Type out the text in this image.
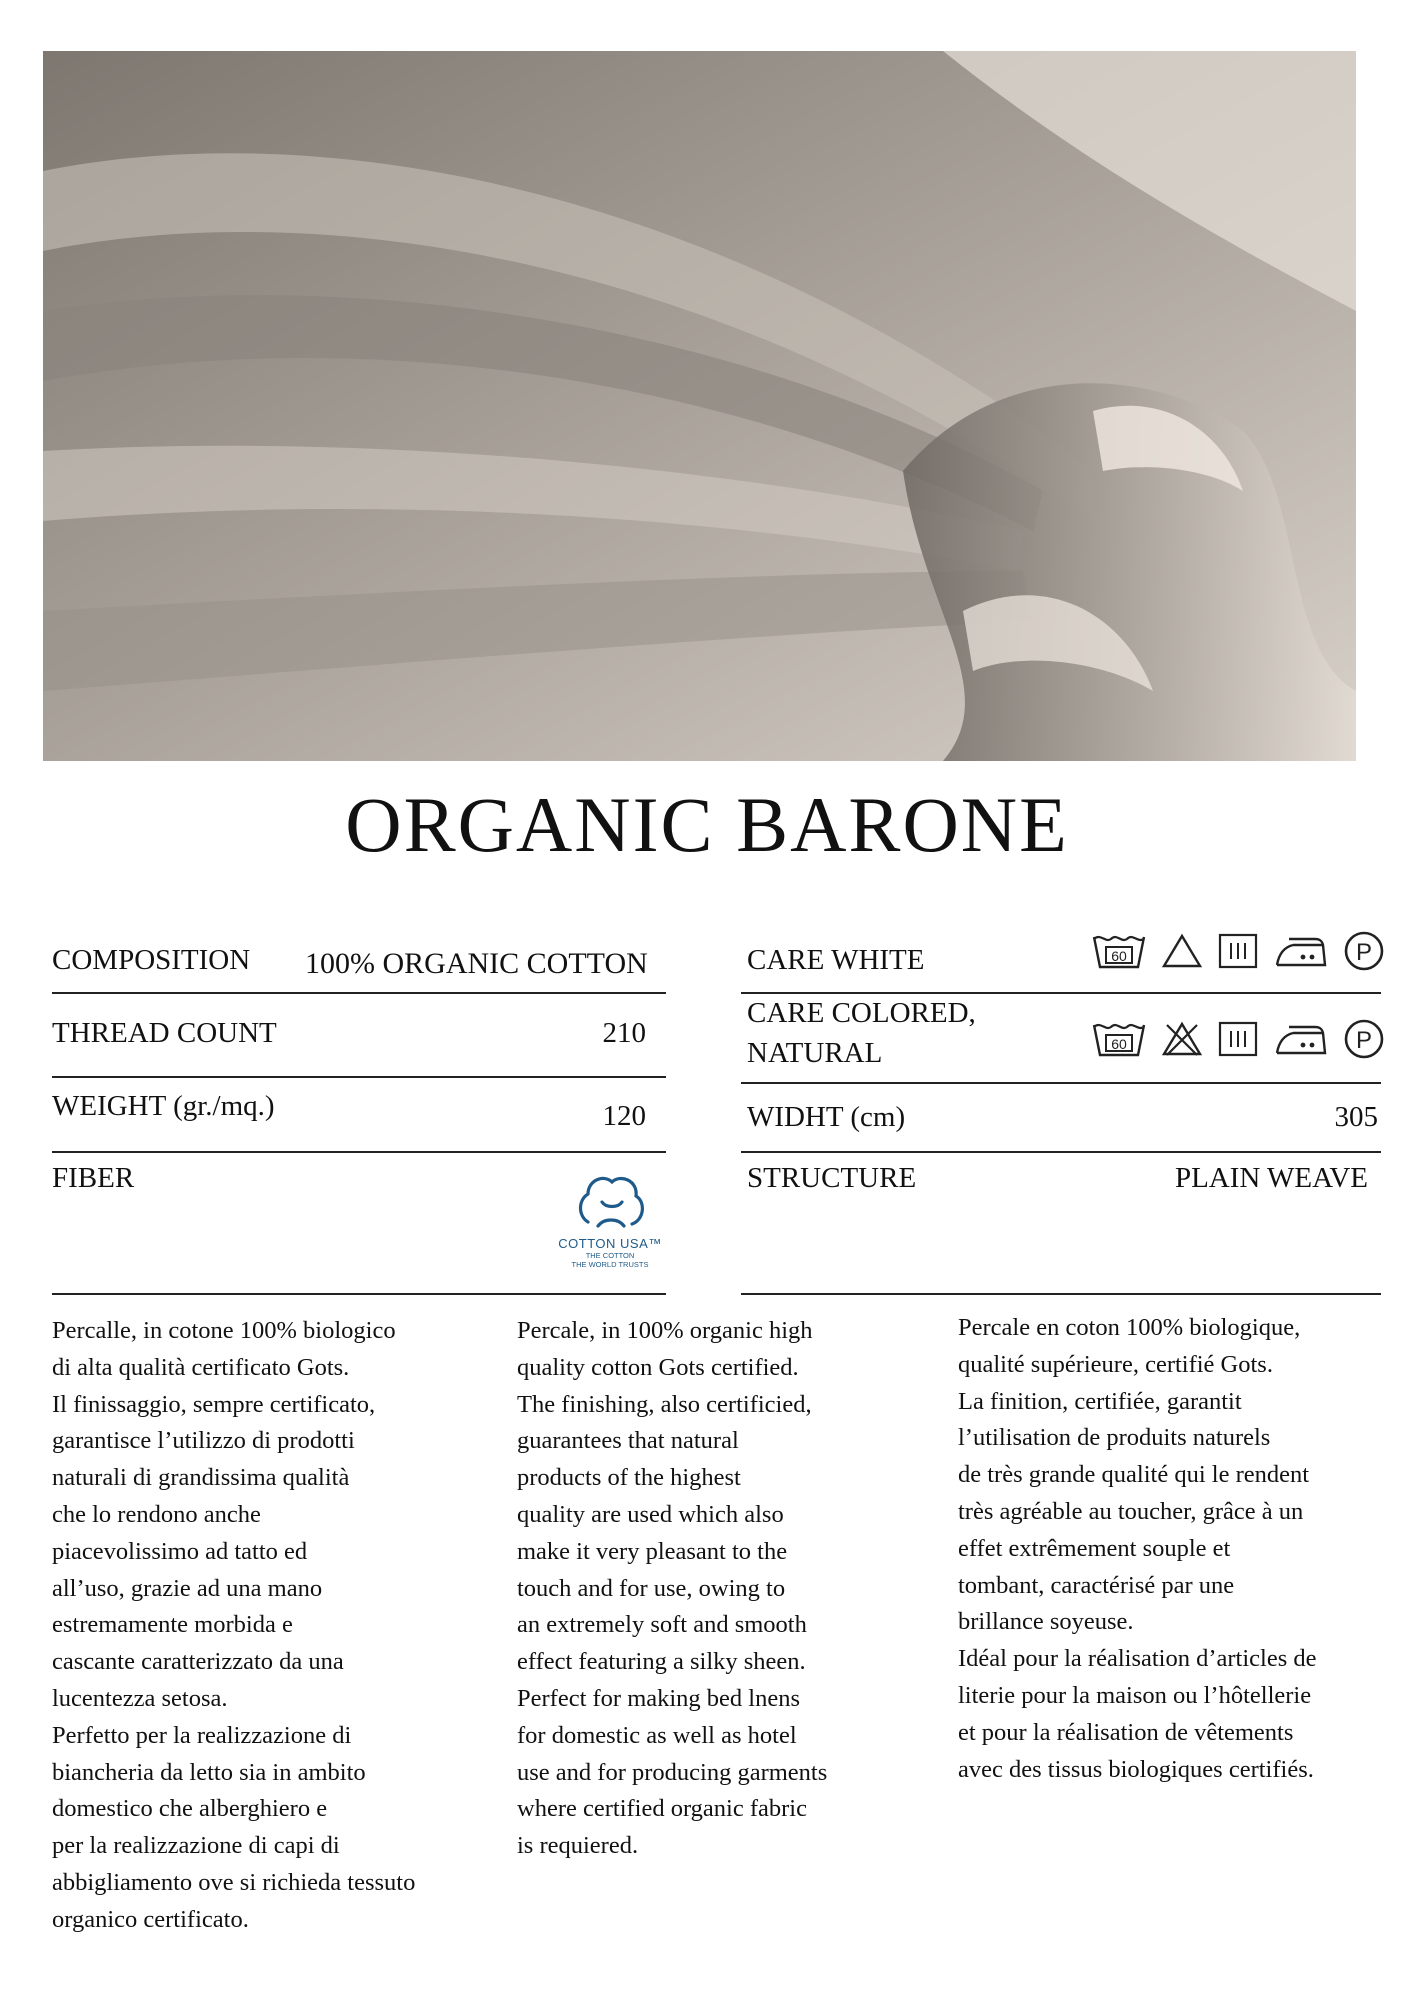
ORGANIC BARONE
COMPOSITION 100% ORGANIC COTTON
THREAD COUNT	210
WEIGHT (gr./mq.)	120
FIBER
COTTON USA™
THE COTTON
THE WORLD TRUSTS
CARE WHITE	60	P
CARE COLORED,
NATURAL	60	P
WIDHT (cm)	305
STRUCTURE	PLAIN WEAVE
Percalle, in cotone 100% biologico
di alta qualità certificato Gots.
Il finissaggio, sempre certificato,
garantisce l’utilizzo di prodotti
naturali di grandissima qualità
che lo rendono anche
piacevolissimo ad tatto ed
all’uso, grazie ad una mano
estremamente morbida e
cascante caratterizzato da una
lucentezza setosa.
Perfetto per la realizzazione di
biancheria da letto sia in ambito
domestico che alberghiero e
per la realizzazione di capi di
abbigliamento ove si richieda tessuto
organico certificato.
Percale, in 100% organic high
quality cotton Gots certified.
The finishing, also certificied,
guarantees that natural
products of the highest
quality are used which also
make it very pleasant to the
touch and for use, owing to
an extremely soft and smooth
effect featuring a silky sheen.
Perfect for making bed lnens
for domestic as well as hotel
use and for producing garments
where certified organic fabric
is requiered.
Percale en coton 100% biologique,
qualité supérieure, certifié Gots.
La finition, certifiée, garantit
l’utilisation de produits naturels
de très grande qualité qui le rendent
très agréable au toucher, grâce à un
effet extrêmement souple et
tombant, caractérisé par une
brillance soyeuse.
Idéal pour la réalisation d’articles de
literie pour la maison ou l’hôtellerie
et pour la réalisation de vêtements
avec des tissus biologiques certifiés.
